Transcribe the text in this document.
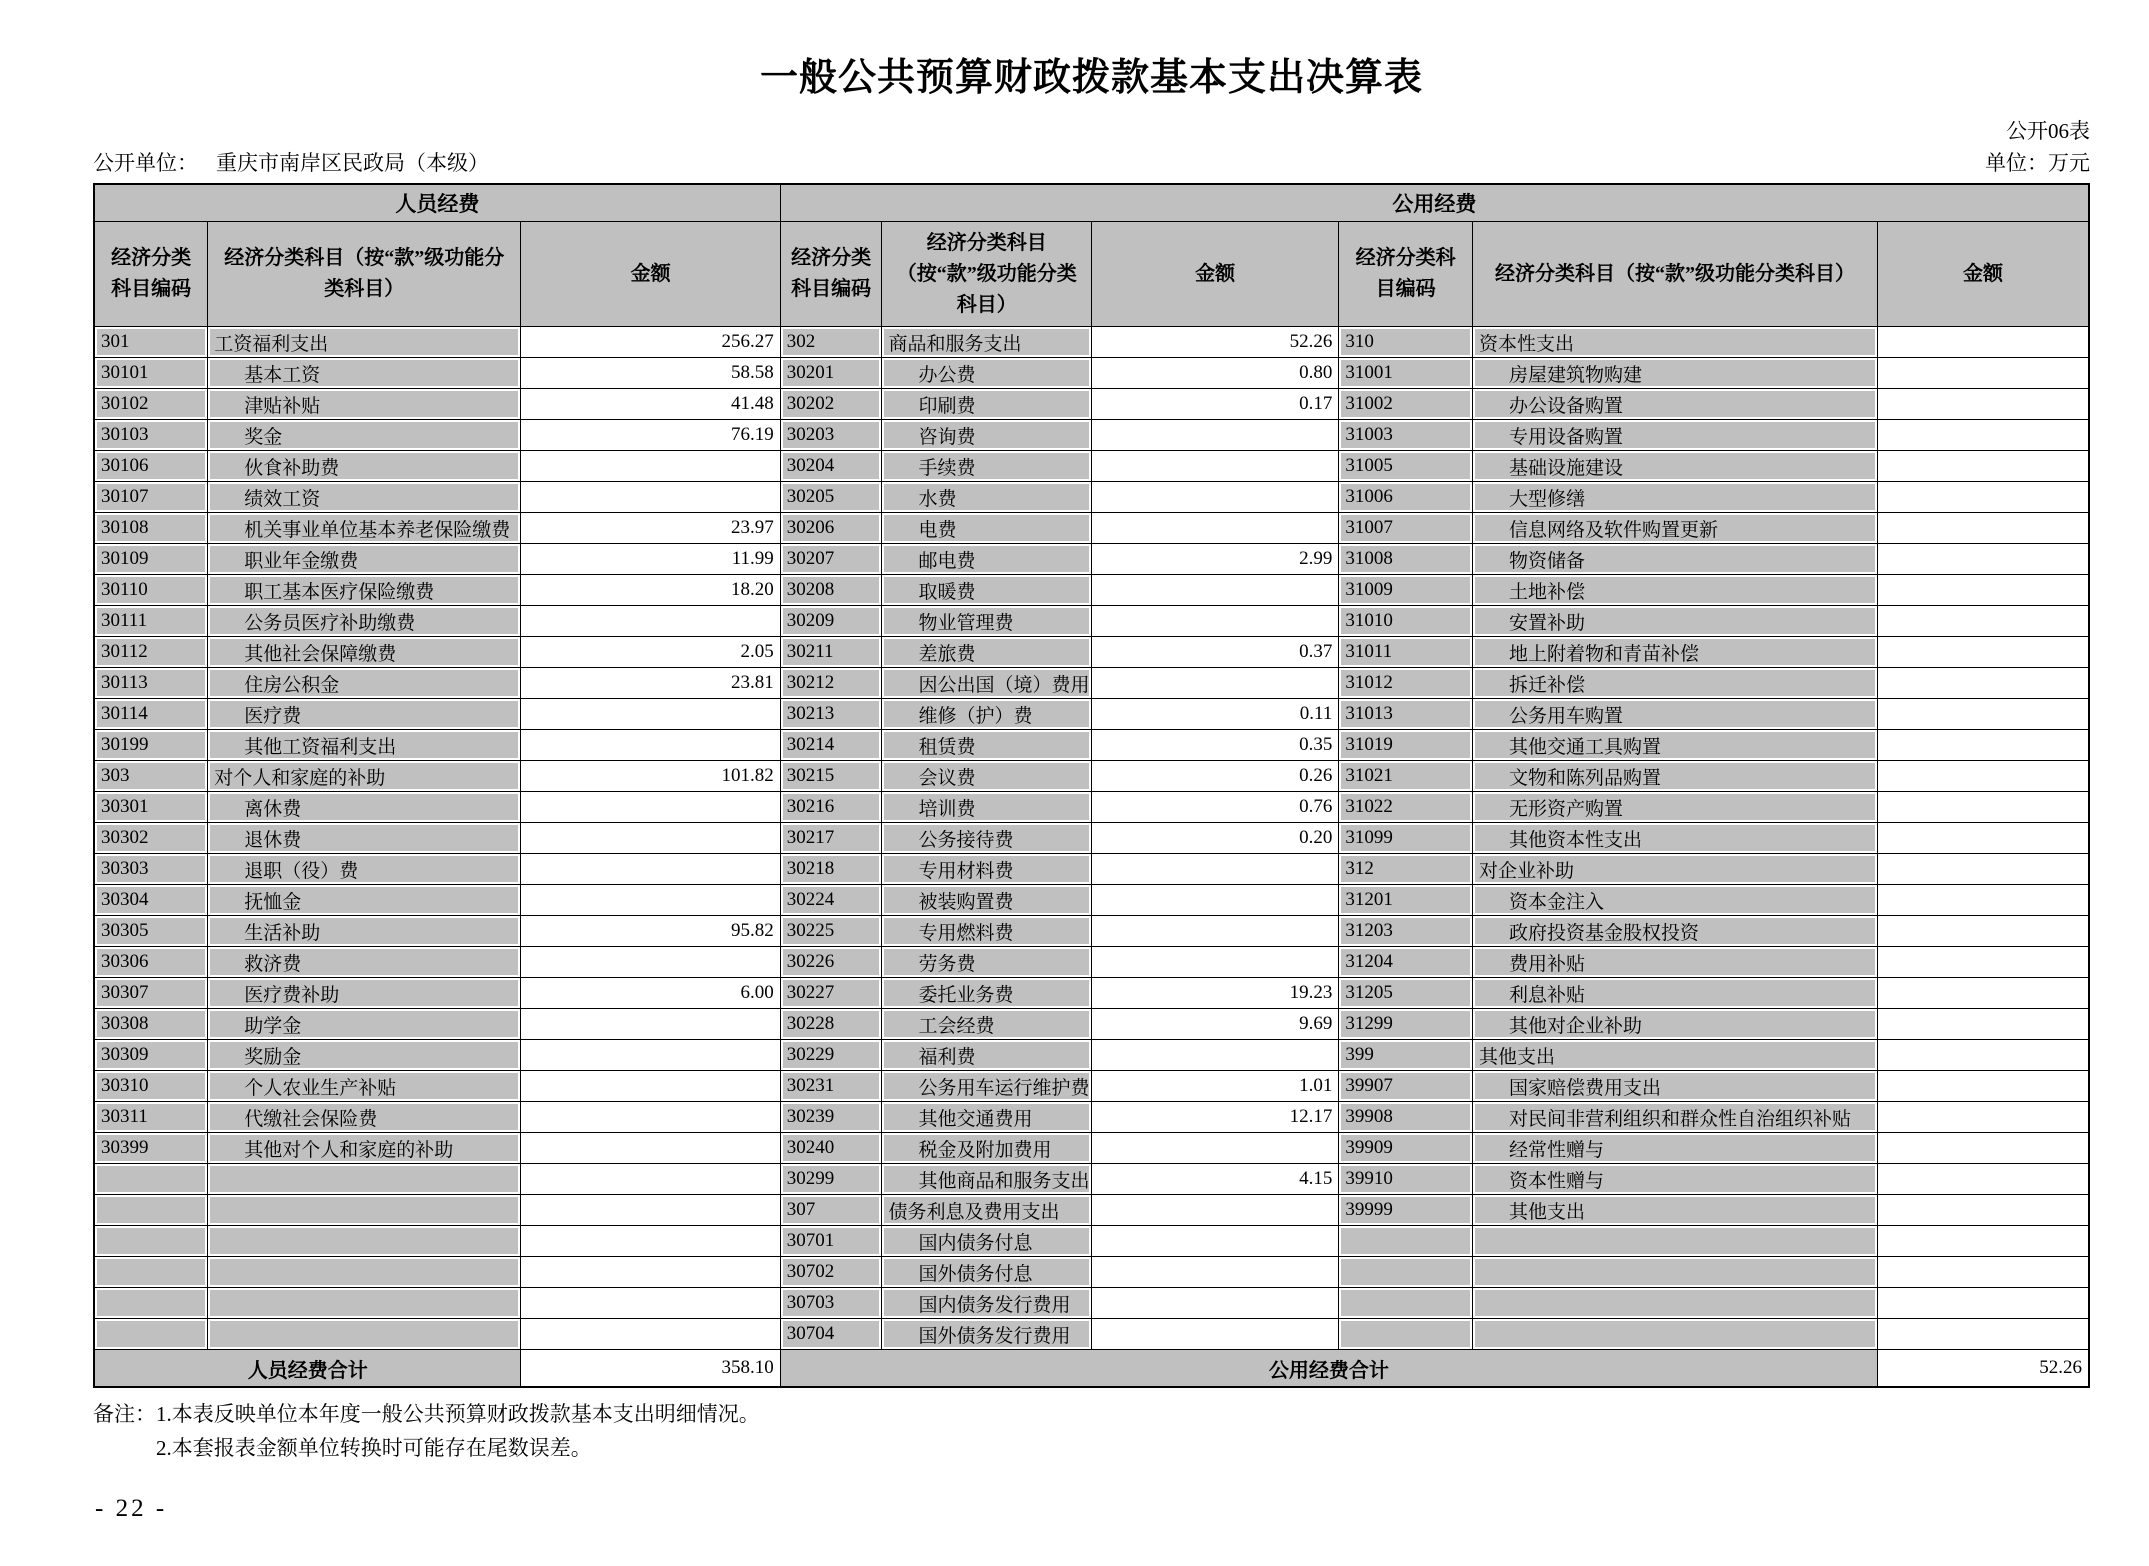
一般公共预算财政拨款基本支出决算表
公开06表
公开单位： 重庆市南岸区民政局（本级）	单位：万元
人员经费			公用经费					
经济分类科目编码	经济分类科目（按“款”级功能分类科目）	金额	经济分类科目编码	经济分类科目（按“款”级功能分类科目）	金额	经济分类科目编码	经济分类科目（按“款”级功能分类科目）	金额
301	工资福利支出	256.27	302	商品和服务支出	52.26	310	资本性支出	
30101	基本工资	58.58	30201	办公费	0.80	31001	房屋建筑物购建	
30102	津贴补贴	41.48	30202	印刷费	0.17	31002	办公设备购置	
30103	奖金	76.19	30203	咨询费		31003	专用设备购置	
30106	伙食补助费		30204	手续费		31005	基础设施建设	
30107	绩效工资		30205	水费		31006	大型修缮	
30108	机关事业单位基本养老保险缴费	23.97	30206	电费		31007	信息网络及软件购置更新	
30109	职业年金缴费	11.99	30207	邮电费	2.99	31008	物资储备	
30110	职工基本医疗保险缴费	18.20	30208	取暖费		31009	土地补偿	
30111	公务员医疗补助缴费		30209	物业管理费		31010	安置补助	
30112	其他社会保障缴费	2.05	30211	差旅费	0.37	31011	地上附着物和青苗补偿	
30113	住房公积金	23.81	30212	因公出国（境）费用		31012	拆迁补偿	
30114	医疗费		30213	维修（护）费	0.11	31013	公务用车购置	
30199	其他工资福利支出		30214	租赁费	0.35	31019	其他交通工具购置	
303	对个人和家庭的补助	101.82	30215	会议费	0.26	31021	文物和陈列品购置	
30301	离休费		30216	培训费	0.76	31022	无形资产购置	
30302	退休费		30217	公务接待费	0.20	31099	其他资本性支出	
30303	退职（役）费		30218	专用材料费		312	对企业补助	
30304	抚恤金		30224	被装购置费		31201	资本金注入	
30305	生活补助	95.82	30225	专用燃料费		31203	政府投资基金股权投资	
30306	救济费		30226	劳务费		31204	费用补贴	
30307	医疗费补助	6.00	30227	委托业务费	19.23	31205	利息补贴	
30308	助学金		30228	工会经费	9.69	31299	其他对企业补助	
30309	奖励金		30229	福利费		399	其他支出	
30310	个人农业生产补贴		30231	公务用车运行维护费	1.01	39907	国家赔偿费用支出	
30311	代缴社会保险费		30239	其他交通费用	12.17	39908	对民间非营利组织和群众性自治组织补贴	
30399	其他对个人和家庭的补助		30240	税金及附加费用		39909	经常性赠与	
			30299	其他商品和服务支出	4.15	39910	资本性赠与	
			307	债务利息及费用支出		39999	其他支出	
			30701	国内债务付息				
			30702	国外债务付息				
			30703	国内债务发行费用				
			30704	国外债务发行费用				
人员经费合计		358.10	公用经费合计					52.26
备注：1.本表反映单位本年度一般公共预算财政拨款基本支出明细情况。
2.本套报表金额单位转换时可能存在尾数误差。
- 22 -
